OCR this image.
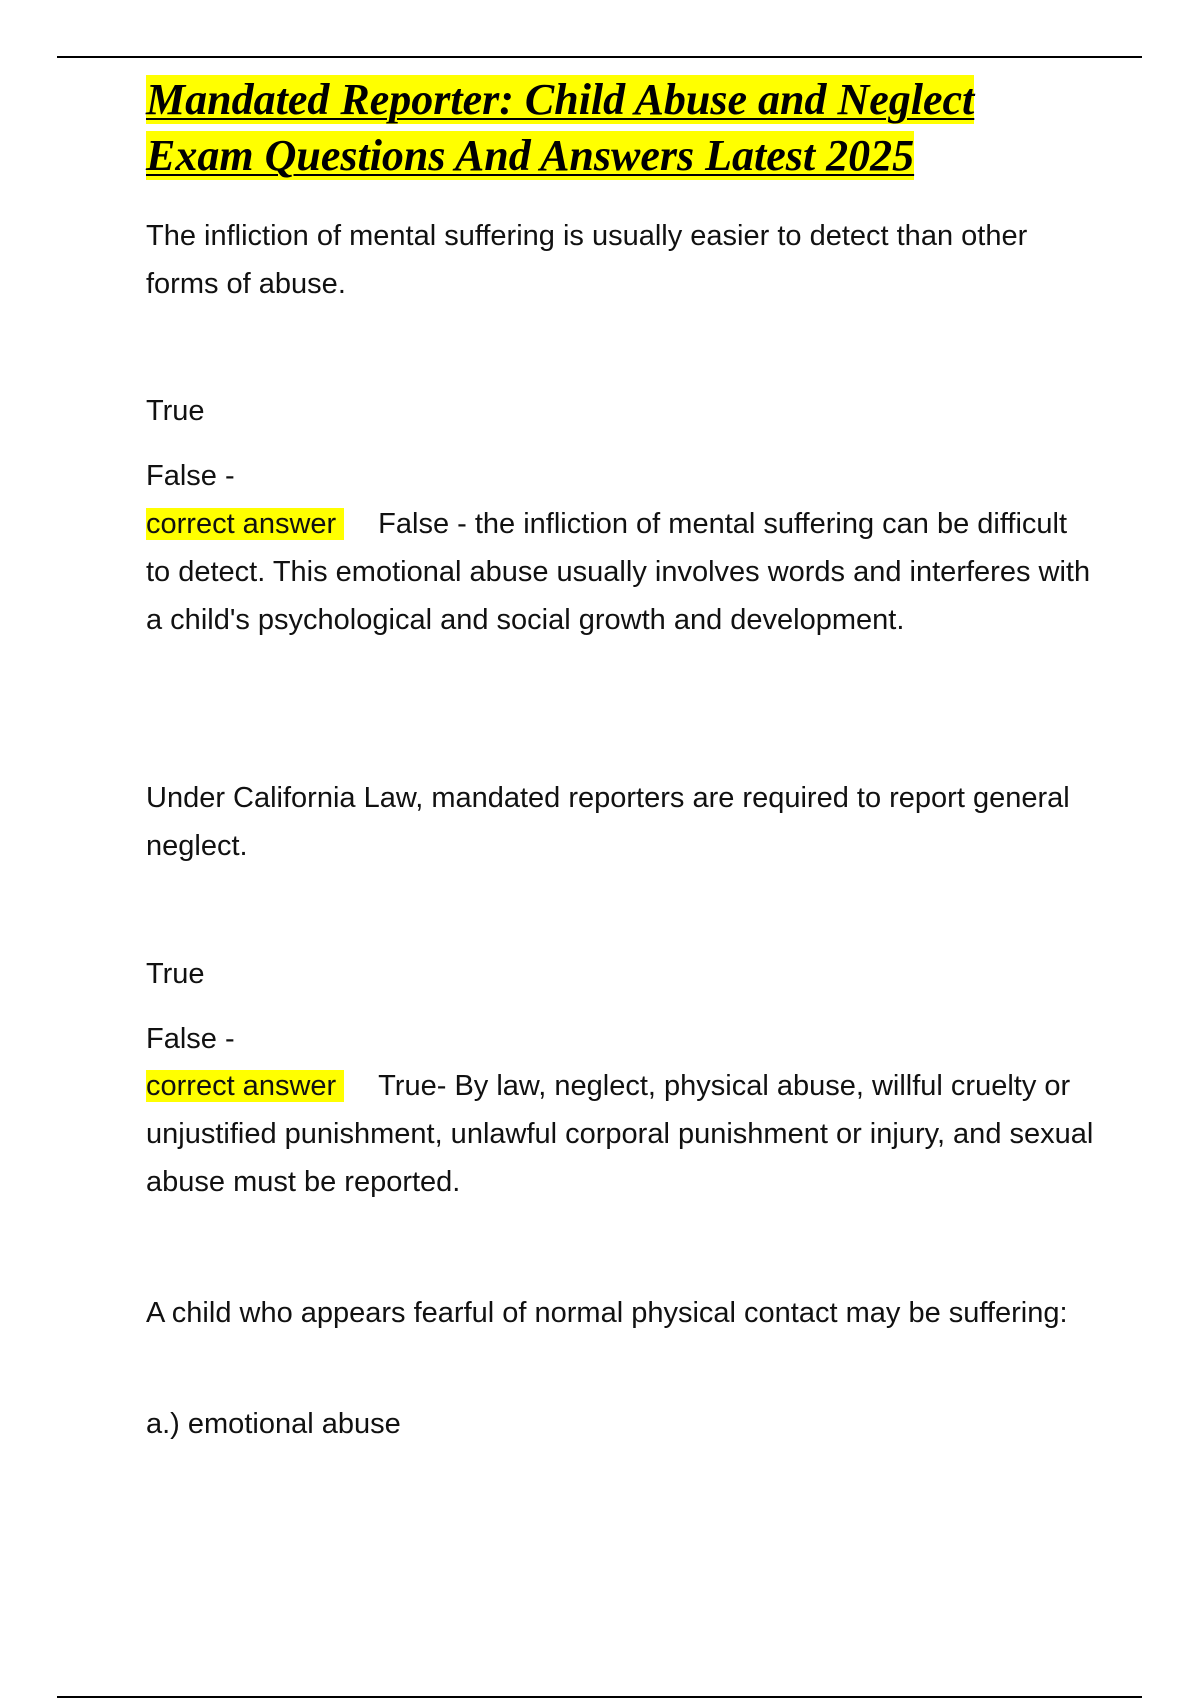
Mandated Reporter: Child Abuse and Neglect Exam Questions And Answers Latest 2025

The infliction of mental suffering is usually easier to detect than other forms of abuse.

True

False -

correct answer False - the infliction of mental suffering can be difficult to detect. This emotional abuse usually involves words and interferes with a child's psychological and social growth and development.

Under California Law, mandated reporters are required to report general neglect.

True

False -

correct answer True- By law, neglect, physical abuse, willful cruelty or unjustified punishment, unlawful corporal punishment or injury, and sexual abuse must be reported.

A child who appears fearful of normal physical contact may be suffering:

a.) emotional abuse
